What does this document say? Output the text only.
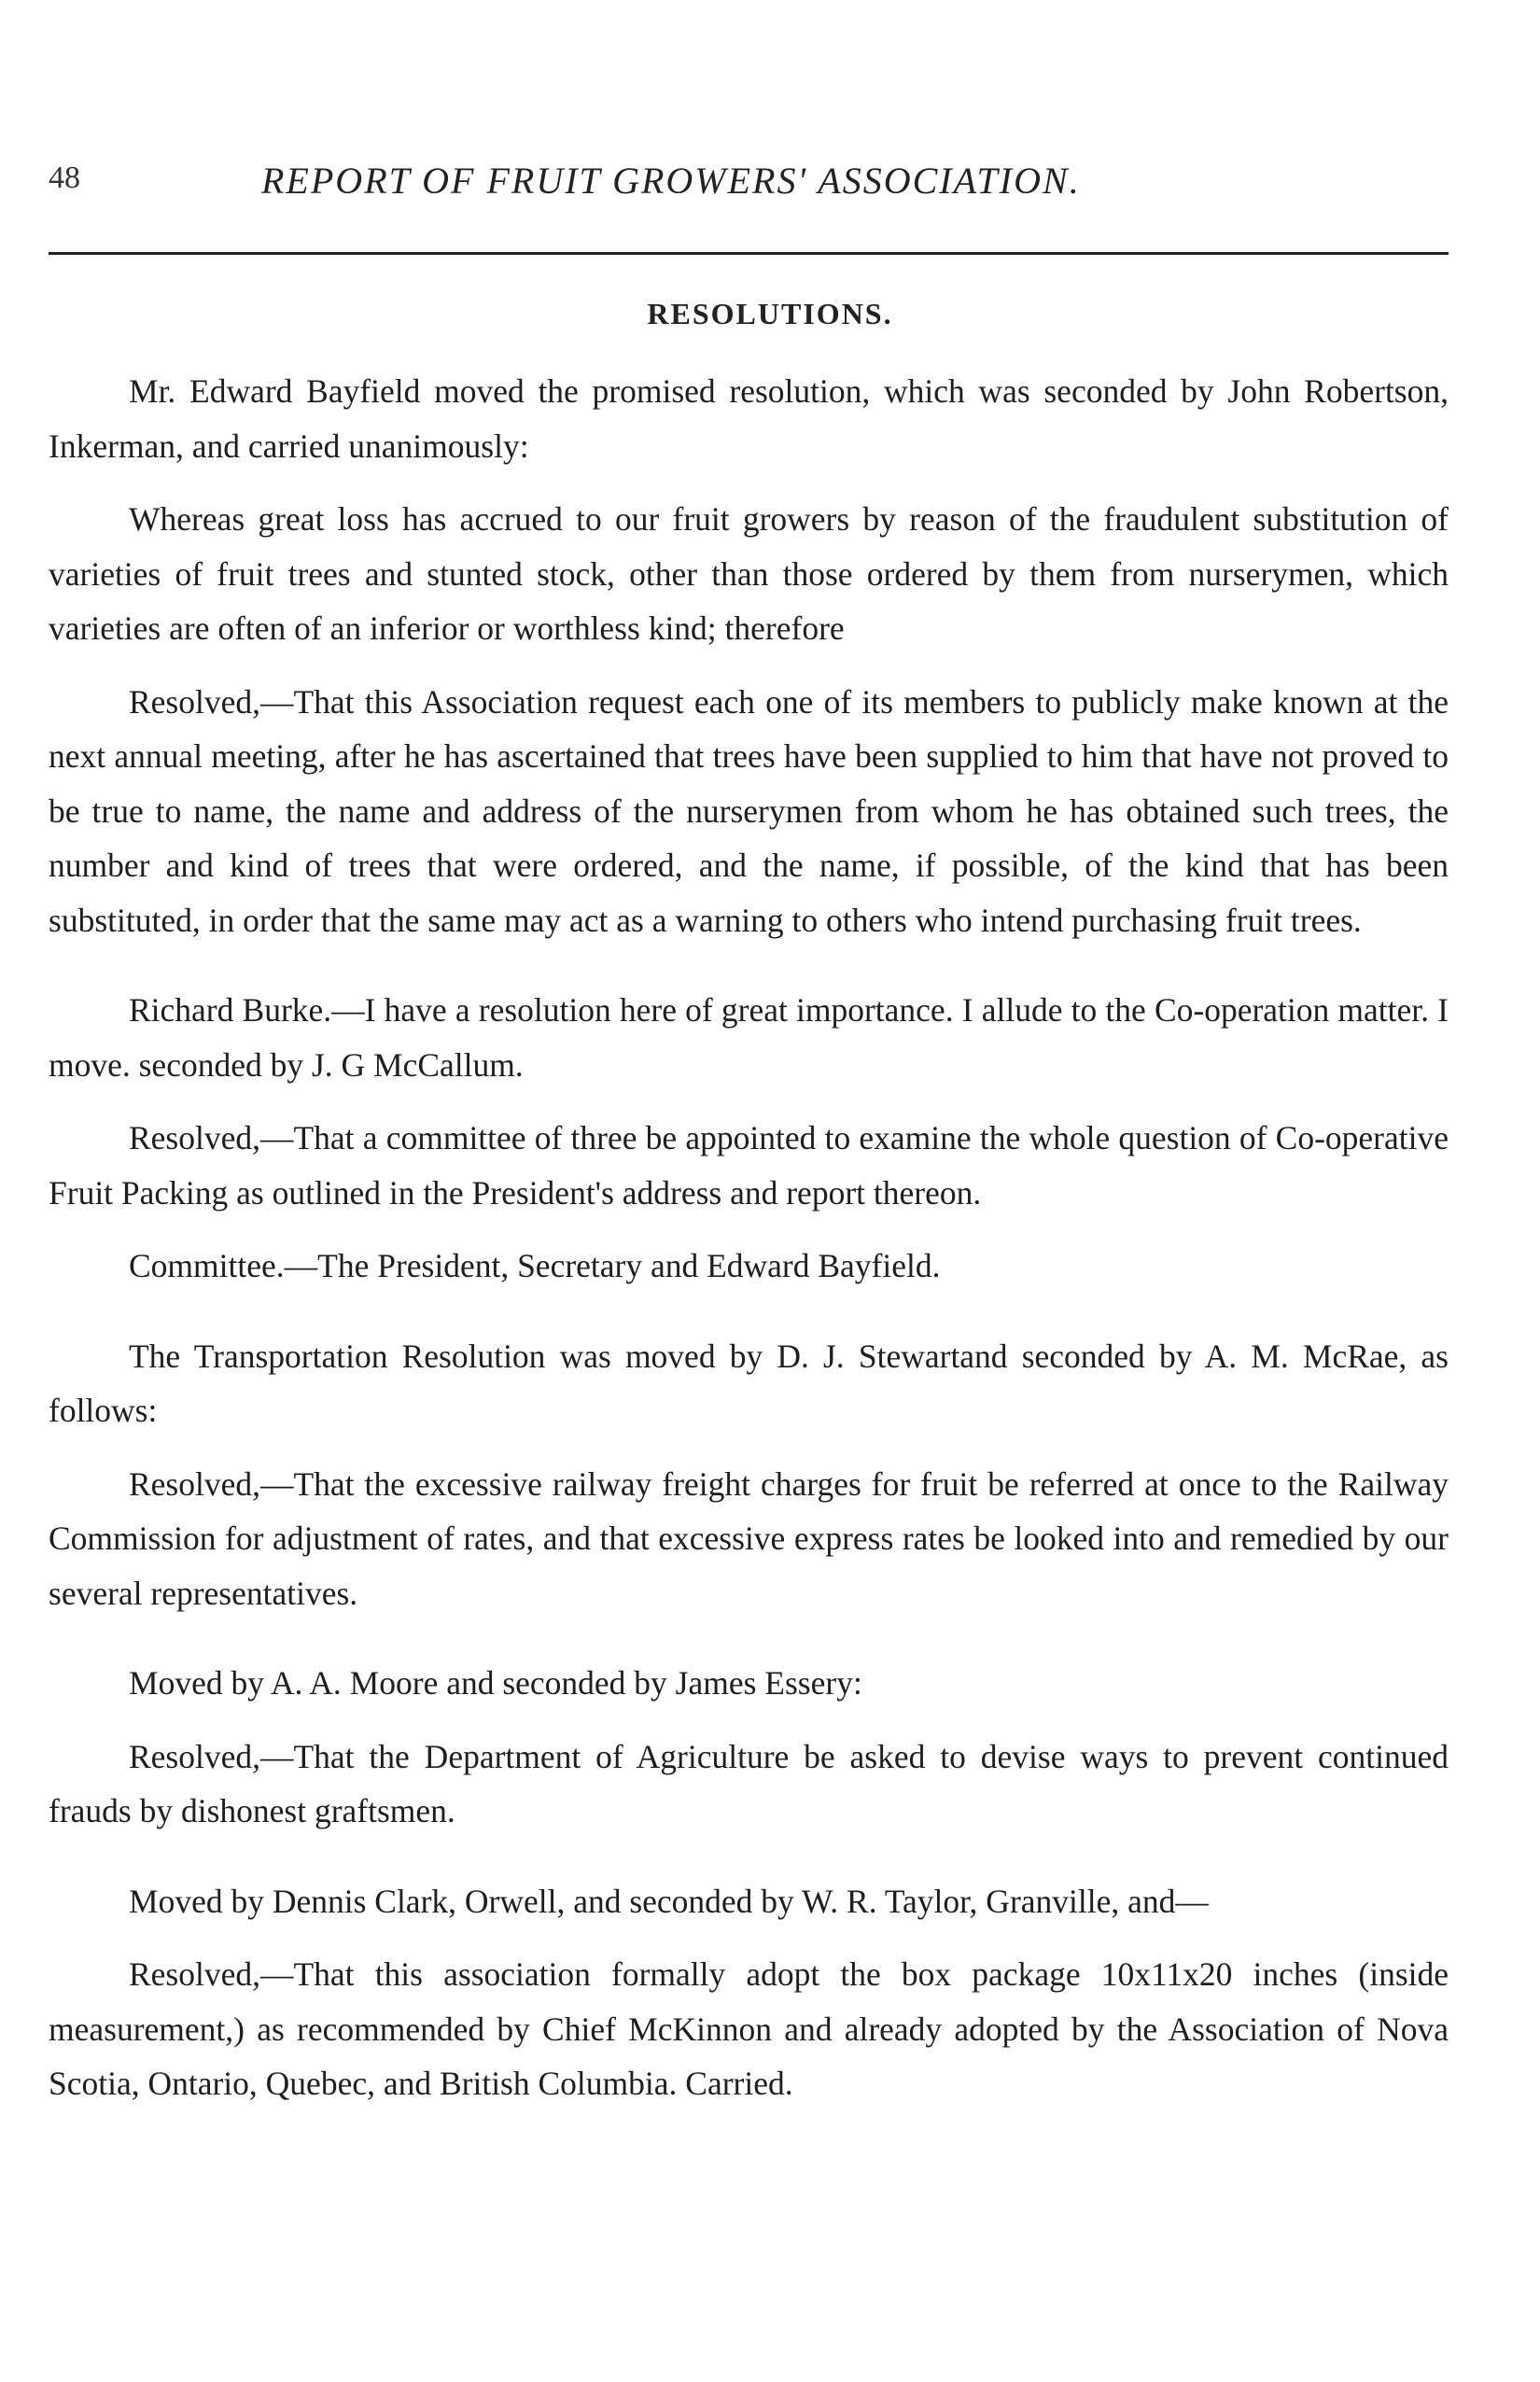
48	REPORT OF FRUIT GROWERS' ASSOCIATION.
RESOLUTIONS.

Mr. Edward Bayfield moved the promised resolution, which was seconded by John Robertson, Inkerman, and carried unanimously:

Whereas great loss has accrued to our fruit growers by reason of the fraudulent substitution of varieties of fruit trees and stunted stock, other than those ordered by them from nurserymen, which varieties are often of an inferior or worthless kind; therefore

Resolved,—That this Association request each one of its members to publicly make known at the next annual meeting, after he has ascertained that trees have been supplied to him that have not proved to be true to name, the name and address of the nurserymen from whom he has obtained such trees, the number and kind of trees that were ordered, and the name, if possible, of the kind that has been substituted, in order that the same may act as a warning to others who intend purchasing fruit trees.

Richard Burke.—I have a resolution here of great importance. I allude to the Co-operation matter. I move. seconded by J. G McCallum.

Resolved,—That a committee of three be appointed to examine the whole question of Co-operative Fruit Packing as outlined in the President's address and report thereon.

Committee.—The President, Secretary and Edward Bayfield.

The Transportation Resolution was moved by D. J. Stewartand seconded by A. M. McRae, as follows:

Resolved,—That the excessive railway freight charges for fruit be referred at once to the Railway Commission for adjustment of rates, and that excessive express rates be looked into and remedied by our several representatives.

Moved by A. A. Moore and seconded by James Essery:

Resolved,—That the Department of Agriculture be asked to devise ways to prevent continued frauds by dishonest graftsmen.

Moved by Dennis Clark, Orwell, and seconded by W. R. Taylor, Granville, and—

Resolved,—That this association formally adopt the box package 10x11x20 inches (inside measurement,) as recommended by Chief McKinnon and already adopted by the Association of Nova Scotia, Ontario, Quebec, and British Columbia. Carried.
